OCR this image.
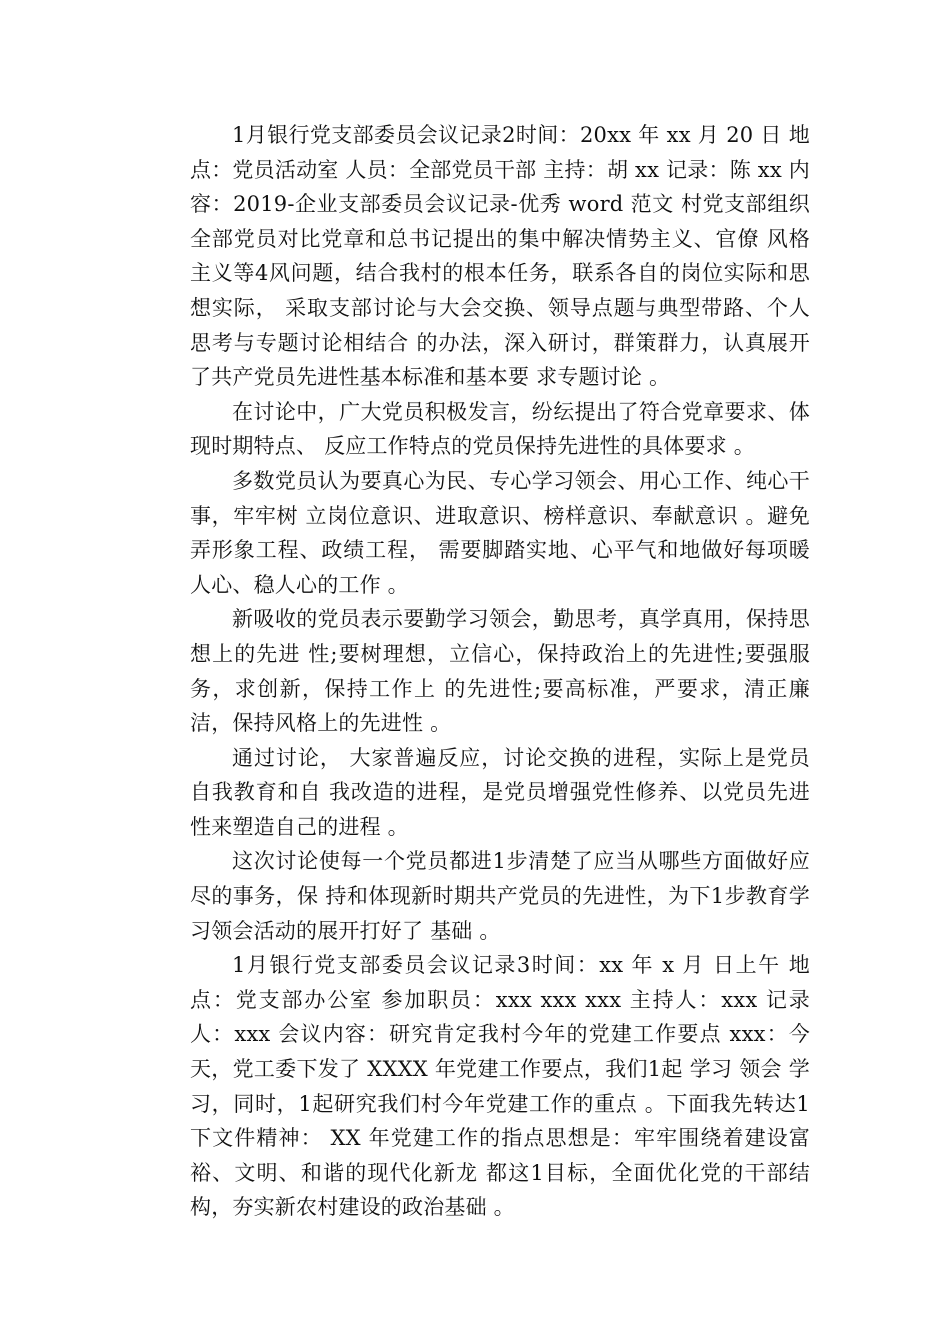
1月银行党支部委员会议记录2时间：20xx 年 xx 月 20 日 地点：党员活动室 人员：全部党员干部 主持：胡 xx 记录：陈 xx 内容：2019-企业支部委员会议记录-优秀 word 范文 村党支部组织全部党员对比党章和总书记提出的集中解决情势主义、官僚 风格主义等4风问题，结合我村的根本任务，联系各自的岗位实际和思想实际， 采取支部讨论与大会交换、领导点题与典型带路、个人思考与专题讨论相结合 的办法，深入研讨，群策群力，认真展开了共产党员先进性基本标准和基本要 求专题讨论 。

在讨论中，广大党员积极发言，纷纭提出了符合党章要求、体现时期特点、 反应工作特点的党员保持先进性的具体要求 。

多数党员认为要真心为民、专心学习领会、用心工作、纯心干事，牢牢树 立岗位意识、进取意识、榜样意识、奉献意识 。避免弄形象工程、政绩工程， 需要脚踏实地、心平气和地做好每项暖人心、稳人心的工作 。

新吸收的党员表示要勤学习领会，勤思考，真学真用，保持思想上的先进 性;要树理想，立信心，保持政治上的先进性;要强服务，求创新，保持工作上 的先进性;要高标准，严要求，清正廉洁，保持风格上的先进性 。

通过讨论， 大家普遍反应，讨论交换的进程，实际上是党员自我教育和自 我改造的进程，是党员增强党性修养、以党员先进性来塑造自己的进程 。

这次讨论使每一个党员都进1步清楚了应当从哪些方面做好应尽的事务，保 持和体现新时期共产党员的先进性，为下1步教育学习领会活动的展开打好了 基础 。

1月银行党支部委员会议记录3时间：xx 年 x 月 日上午 地点：党支部办公室 参加职员：xxx xxx xxx 主持人：xxx 记录人：xxx 会议内容：研究肯定我村今年的党建工作要点 xxx：今天，党工委下发了 XXXX 年党建工作要点，我们1起 学习 领会 学 习，同时，1起研究我们村今年党建工作的重点 。下面我先转达1下文件精神： XX 年党建工作的指点思想是：牢牢围绕着建设富裕、文明、和谐的现代化新龙 都这1目标，全面优化党的干部结构，夯实新农村建设的政治基础 。
